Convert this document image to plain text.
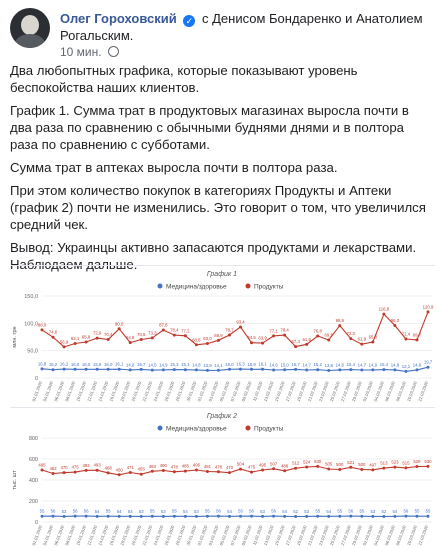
Олег Гороховский ✓ с Денисом Бондаренко и Анатолием Рогальским.
10 мин.

Два любопытных графика, которые показывают уровень беспокойства наших клиентов.

График 1. Сумма трат в продуктовых магазинах выросла почти в два раза по сравнению с обычными буднями днями и в полтора раза по сравнению с субботами.

Сумма трат в аптеках выросла почти в полтора раза.

При этом количество покупок в категориях Продукты и Аптеки (график 2) почти не изменились. Это говорит о том, что увеличился средний чек.

Вывод: Украинцы активно запасаются продуктами и лекарствами. Наблюдаем дальше.

График 1
Медицина/здоровье	Продукты
млн. грн
0
50,0
100,0
150,0
02.01.2020 04.01.2020 06.01.2020 08.01.2020 10.01.2020 12.01.2020 14.01.2020 16.01.2020 18.01.2020 20.01.2020 22.01.2020 24.01.2020 26.01.2020 28.01.2020 30.01.2020 01.02.2020 03.02.2020 05.02.2020 07.02.2020 09.02.2020 11.02.2020 13.02.2020 15.02.2020 17.02.2020 19.02.2020 21.02.2020 23.02.2020 25.02.2020 27.02.2020 29.02.2020 02.03.2020 04.03.2020 06.03.2020 08.03.2020 10.03.2020 12.03.2020
16,8 15,2 16,2 16,0 16,0 15,9 16,0 16,1 14,8 15,7 14,5 14,9 15,3 15,1 14,8 13,9 14,1 16,0 16,3 15,9 16,1 14,6 15,0 15,7 14,7 15,2 13,8 14,8 15,4 14,7 14,9 15,4 14,8 12,1 14,8
19,7
88,0
74,6
56,9
63,1 65,8
72,9 70,4
90,0
64,8
70,5 73,3
87,8
78,4 77,2
60,8 63,0
68,9
78,7
93,4
64,5 63,9
77,1 78,4
57,4 61,6
76,8
69,5
95,9
72,0
61,9 65,8
116,8
96,0
71,4 69,7
120,9
График 2
Медицина/здоровье	Продукты
тыс. шт
0
200
400
600
800
02.01.2020 04.01.2020 06.01.2020 08.01.2020 10.01.2020 12.01.2020 14.01.2020 16.01.2020 18.01.2020 20.01.2020 22.01.2020 24.01.2020 26.01.2020 28.01.2020 30.01.2020 01.02.2020 03.02.2020 05.02.2020 07.02.2020 09.02.2020 11.02.2020 13.02.2020 15.02.2020 17.02.2020 19.02.2020 21.02.2020 23.02.2020 25.02.2020 27.02.2020 29.02.2020 02.03.2020 04.03.2020 06.03.2020 08.03.2020 10.03.2020 12.03.2020
55 56 53 56 56 54 55 54 54 53 55 53 55 54 53 55 56 54 55 56 53 56 54 52 53 55 54 55 56 55 53 52 54 56 55 55
495
462 470 475 492 493
468 450 471 455
483 490 478 485 495 481 478 470
504
475 495 507 488
512 524 530
505 500 521 500 497 513 523 515 529 530
